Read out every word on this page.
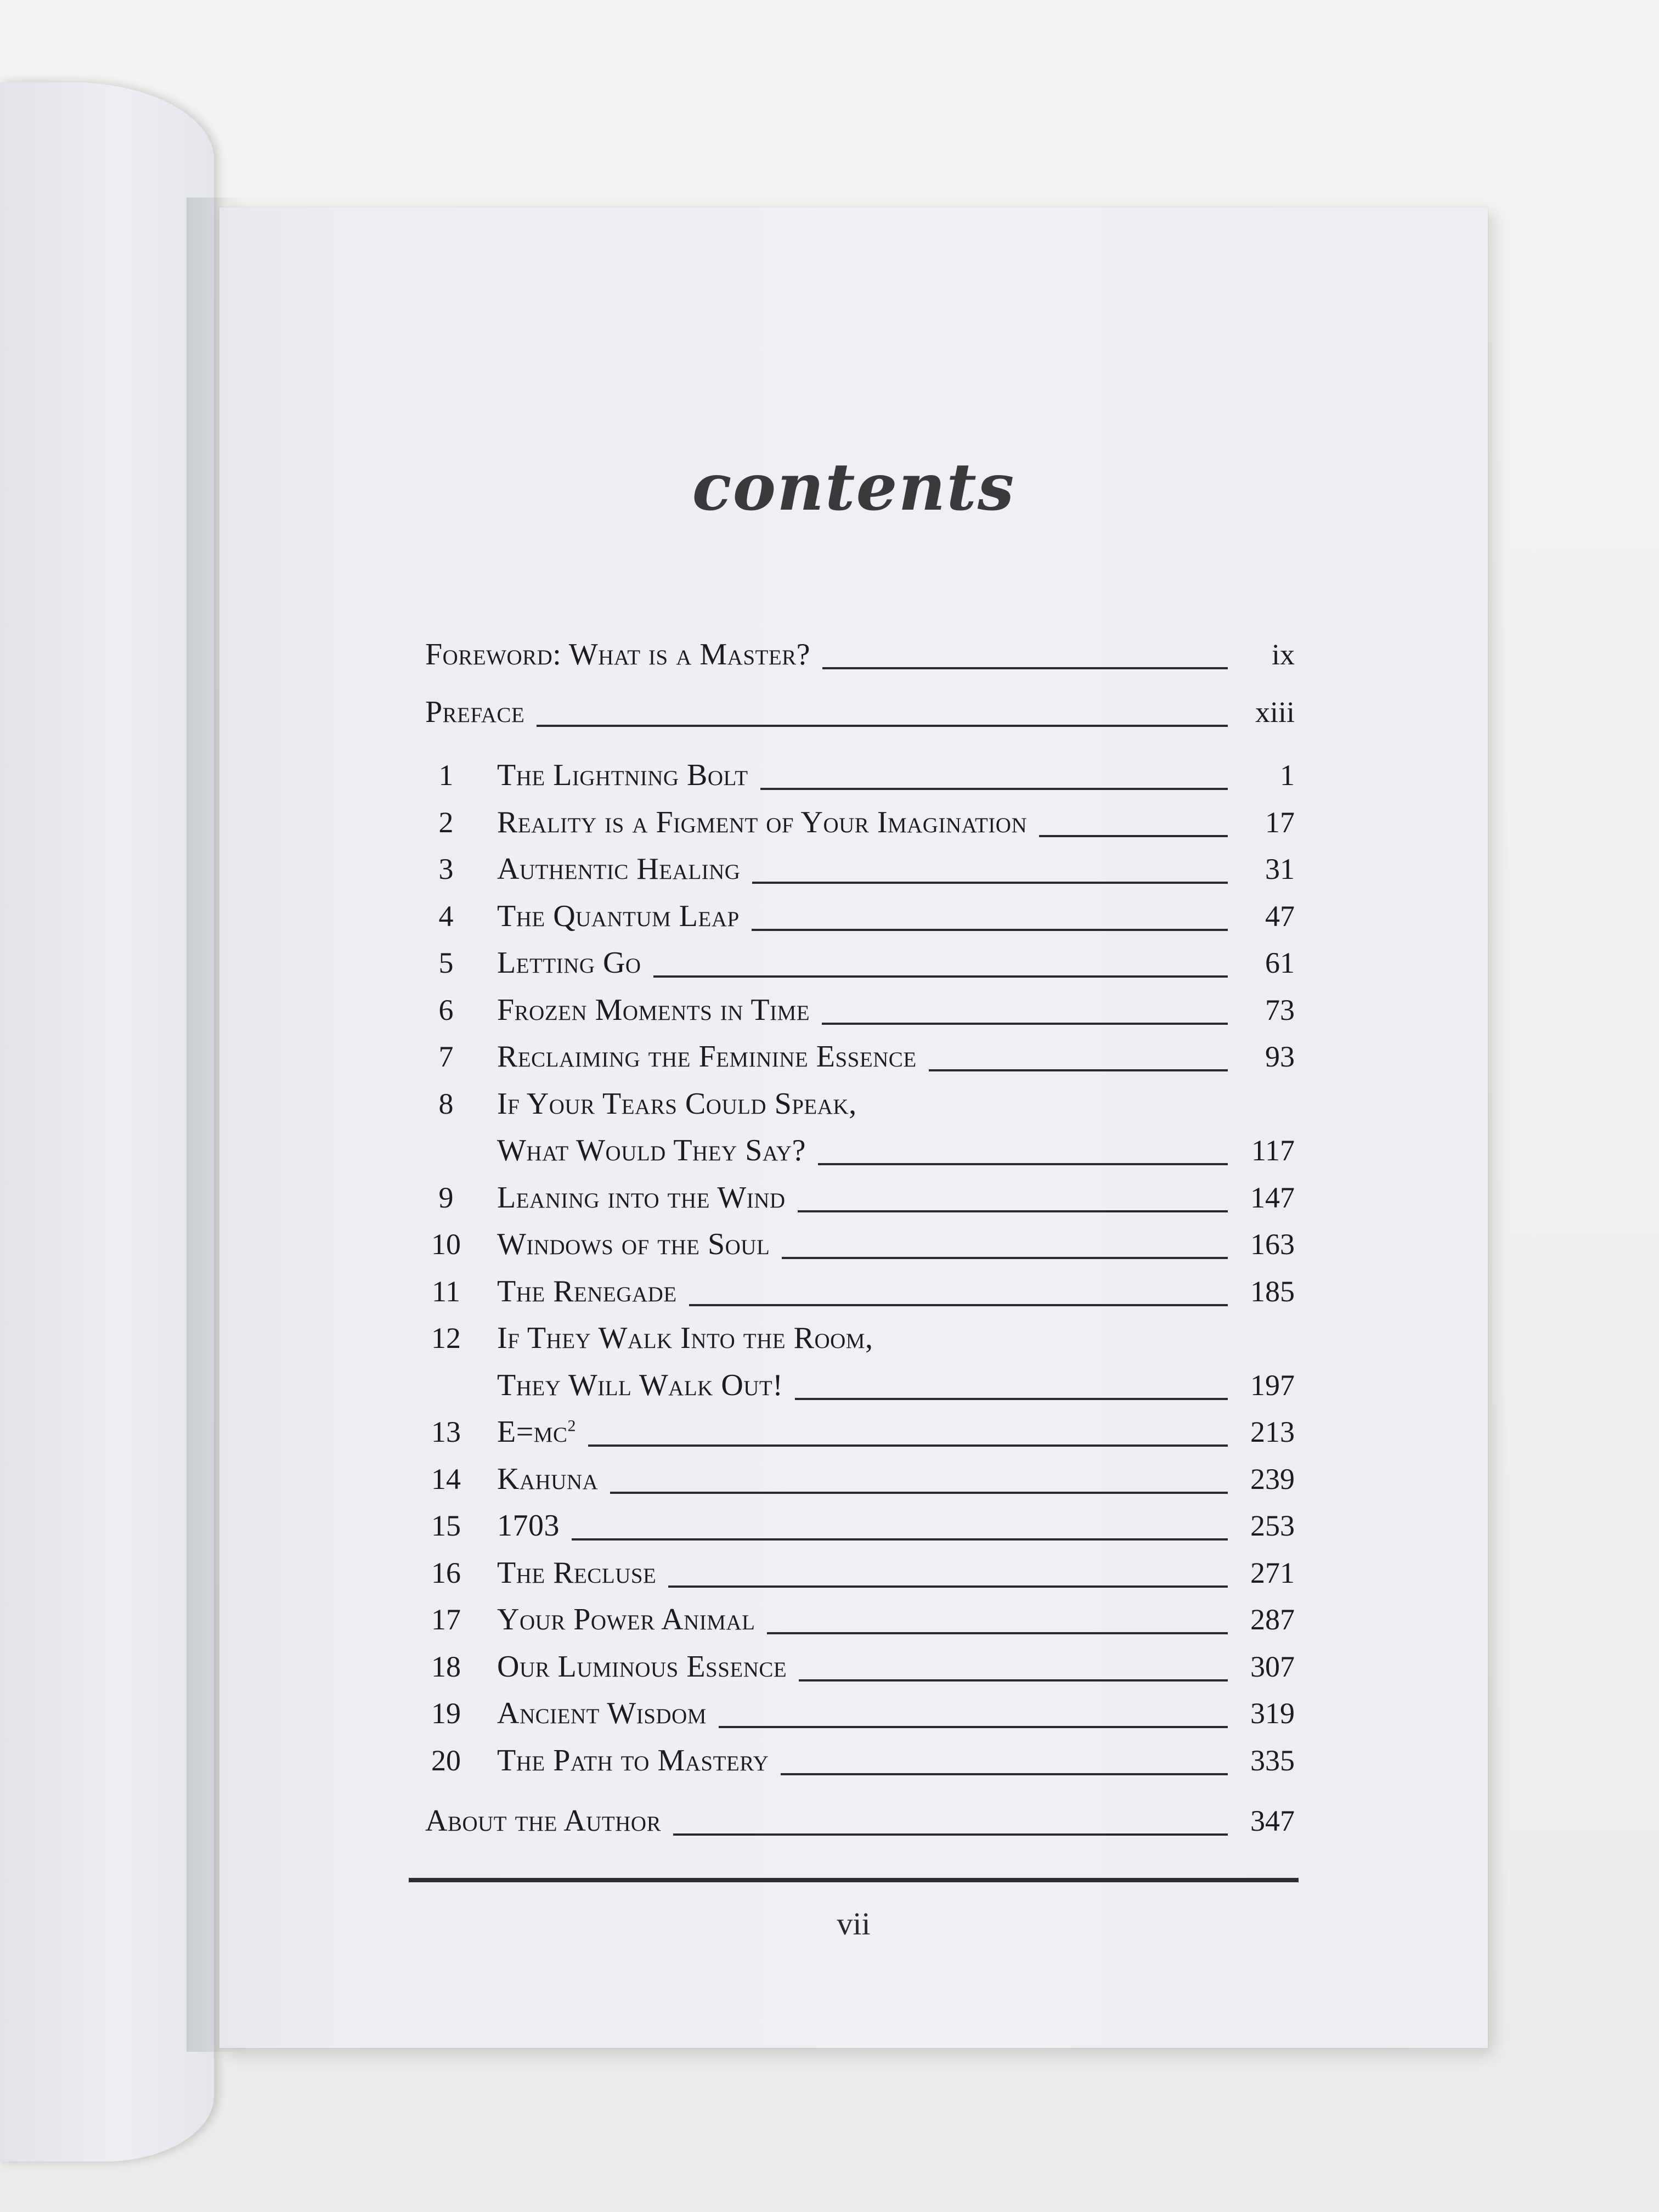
contents
Foreword: What is a Master?	ix
Preface	xiii
1	The Lightning Bolt	1
2	Reality is a Figment of Your Imagination	17
3	Authentic Healing	31
4	The Quantum Leap	47
5	Letting Go	61
6	Frozen Moments in Time	73
7	Reclaiming the Feminine Essence	93
8	If Your Tears Could Speak,
What Would They Say?	117
9	Leaning into the Wind	147
10 Windows of the Soul	163
11	The Renegade	185
12 If They Walk Into the Room,
They Will Walk Out!	197
13 $E=mc^2$	213
14 Kahuna	239
15 1703	253
16 The Recluse	271
17 Your Power Animal	287
18 Our Luminous Essence	307
19 Ancient Wisdom	319
20 The Path to Mastery	335
About the Author	347
vii
